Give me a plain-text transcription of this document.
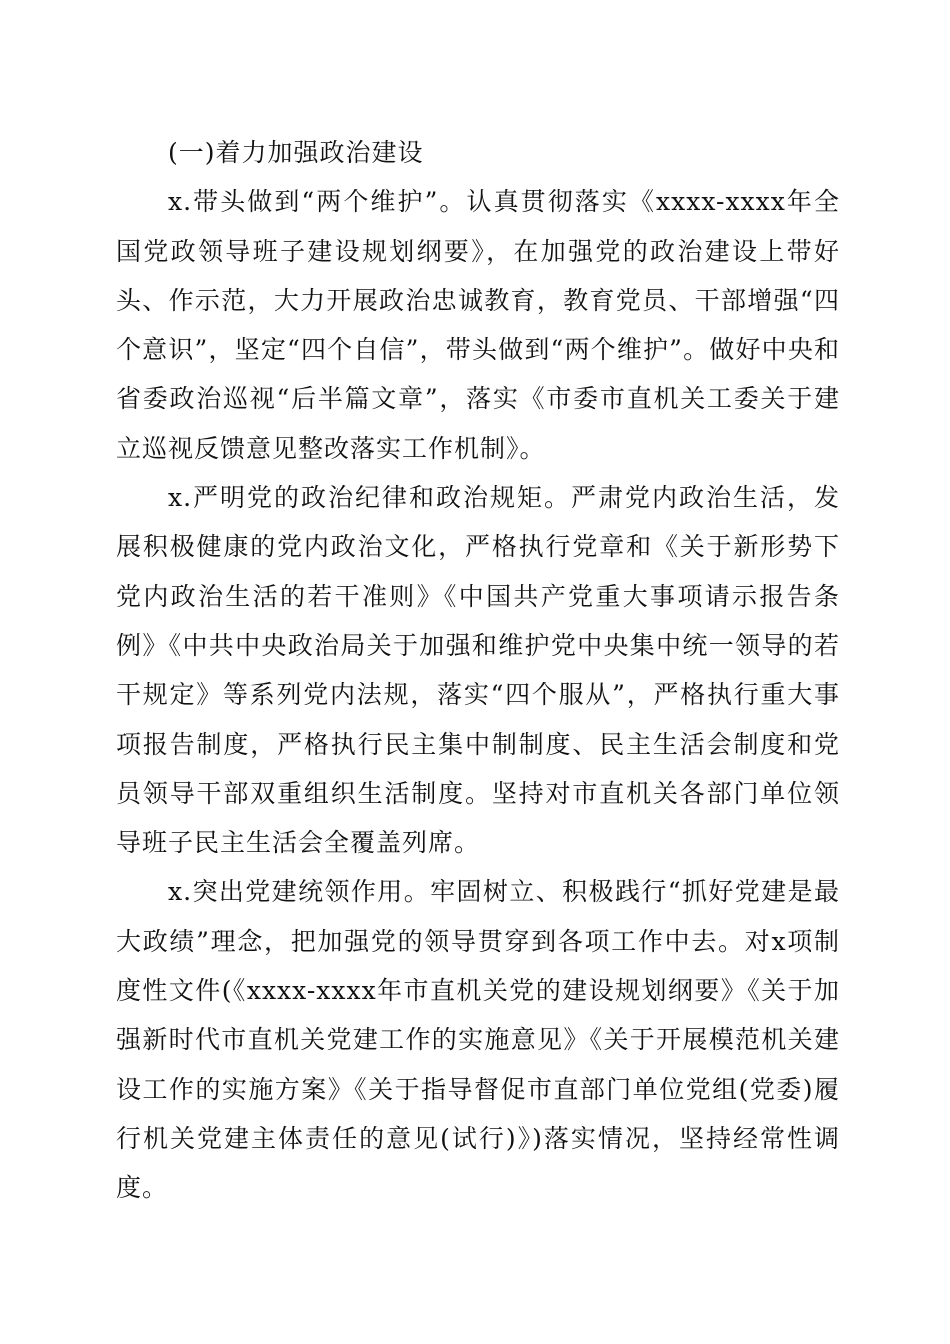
(一)着力加强政治建设

x.带头做到“两个维护”。认真贯彻落实《xxxx-xxxx年全国党政领导班子建设规划纲要》，在加强党的政治建设上带好头、作示范，大力开展政治忠诚教育，教育党员、干部增强“四个意识”，坚定“四个自信”，带头做到“两个维护”。做好中央和省委政治巡视“后半篇文章”，落实《市委市直机关工委关于建立巡视反馈意见整改落实工作机制》。

x.严明党的政治纪律和政治规矩。严肃党内政治生活，发展积极健康的党内政治文化，严格执行党章和《关于新形势下党内政治生活的若干准则》《中国共产党重大事项请示报告条例》《中共中央政治局关于加强和维护党中央集中统一领导的若干规定》等系列党内法规，落实“四个服从”，严格执行重大事项报告制度，严格执行民主集中制制度、民主生活会制度和党员领导干部双重组织生活制度。坚持对市直机关各部门单位领导班子民主生活会全覆盖列席。

x.突出党建统领作用。牢固树立、积极践行“抓好党建是最大政绩”理念，把加强党的领导贯穿到各项工作中去。对x项制度性文件(《xxxx-xxxx年市直机关党的建设规划纲要》《关于加强新时代市直机关党建工作的实施意见》《关于开展模范机关建设工作的实施方案》《关于指导督促市直部门单位党组(党委)履行机关党建主体责任的意见(试行)》)落实情况，坚持经常性调度。
